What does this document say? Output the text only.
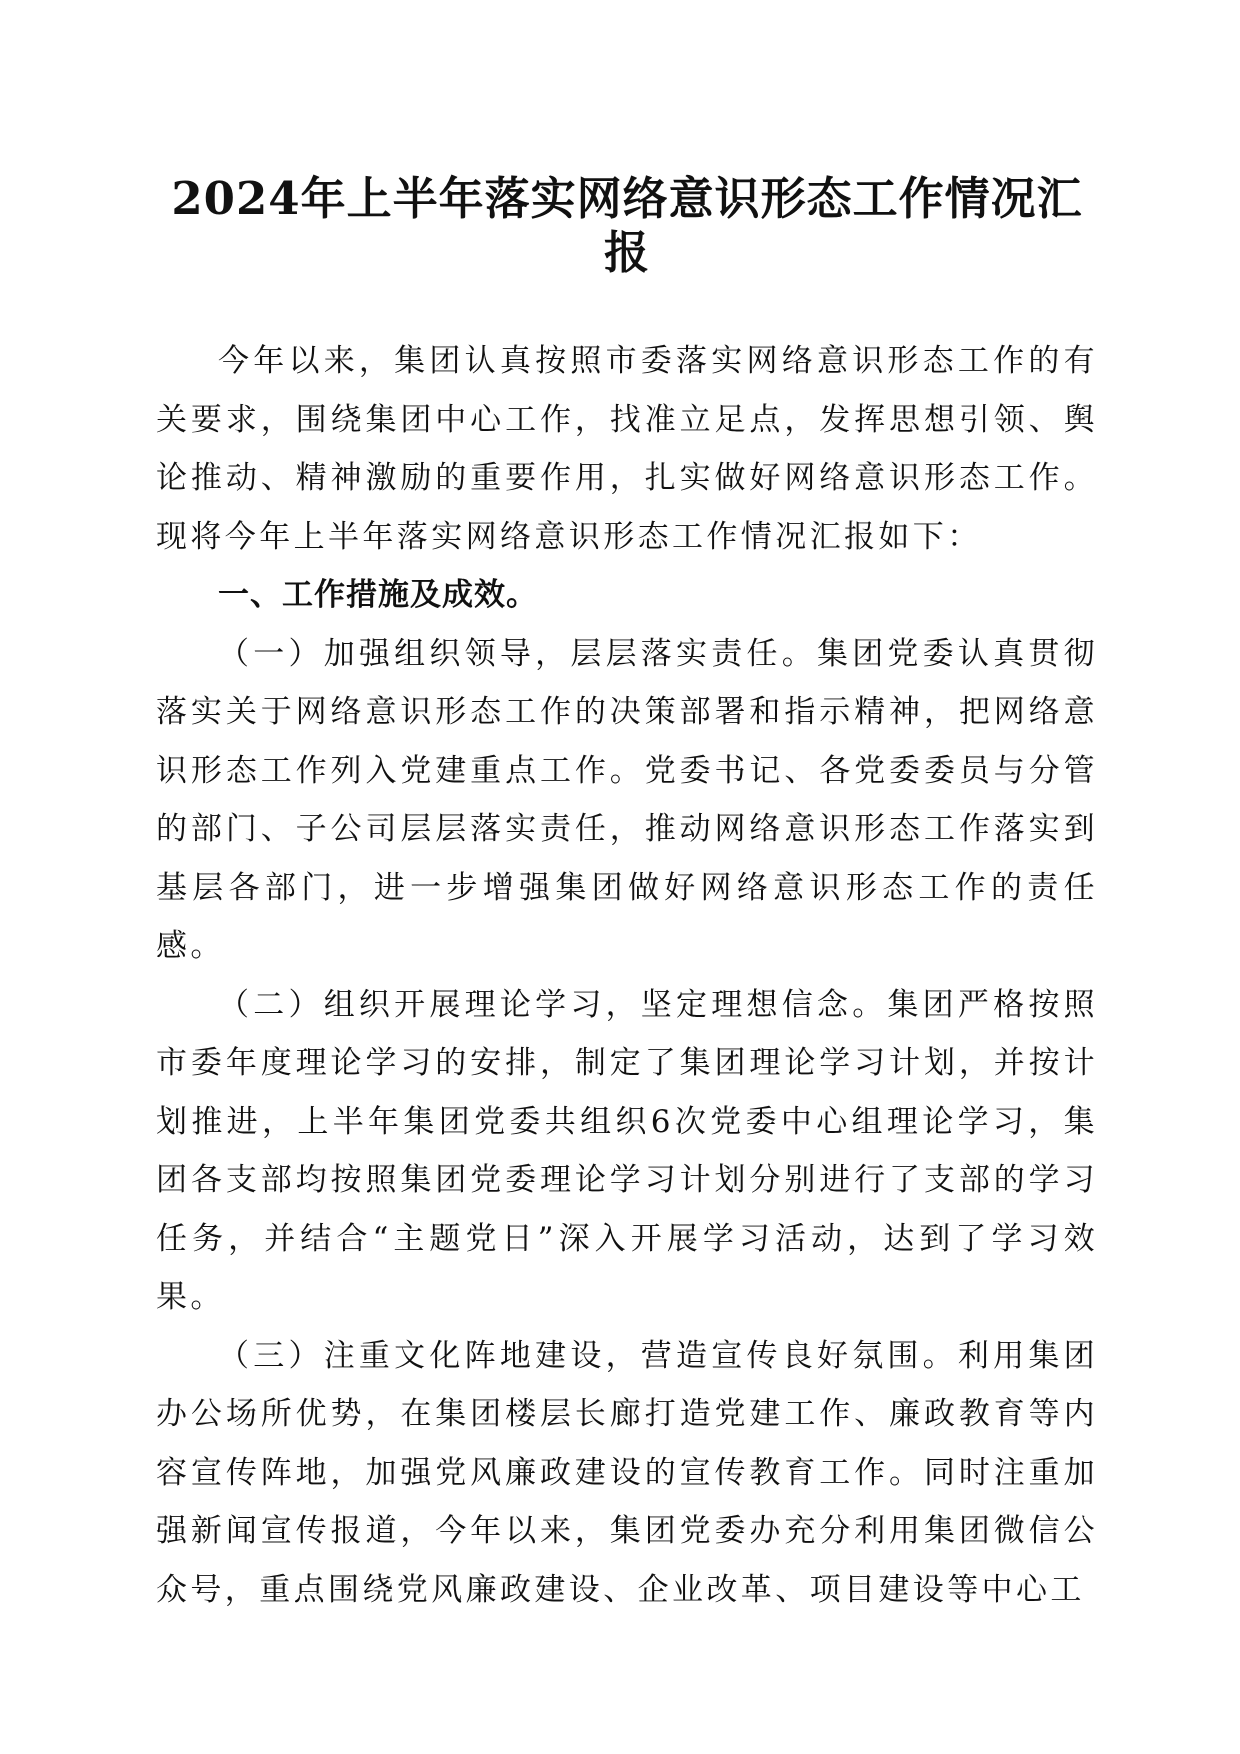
2024年上半年落实网络意识形态工作情况汇报

今年以来，集团认真按照市委落实网络意识形态工作的有关要求，围绕集团中心工作，找准立足点，发挥思想引领、舆论推动、精神激励的重要作用，扎实做好网络意识形态工作。现将今年上半年落实网络意识形态工作情况汇报如下：

一、工作措施及成效。

（一）加强组织领导，层层落实责任。集团党委认真贯彻落实关于网络意识形态工作的决策部署和指示精神，把网络意识形态工作列入党建重点工作。党委书记、各党委委员与分管的部门、子公司层层落实责任，推动网络意识形态工作落实到基层各部门，进一步增强集团做好网络意识形态工作的责任感。

（二）组织开展理论学习，坚定理想信念。集团严格按照市委年度理论学习的安排，制定了集团理论学习计划，并按计划推进，上半年集团党委共组织6次党委中心组理论学习，集团各支部均按照集团党委理论学习计划分别进行了支部的学习任务，并结合“主题党日”深入开展学习活动，达到了学习效果。

（三）注重文化阵地建设，营造宣传良好氛围。利用集团办公场所优势，在集团楼层长廊打造党建工作、廉政教育等内容宣传阵地，加强党风廉政建设的宣传教育工作。同时注重加强新闻宣传报道，今年以来，集团党委办充分利用集团微信公众号，重点围绕党风廉政建设、企业改革、项目建设等中心工
